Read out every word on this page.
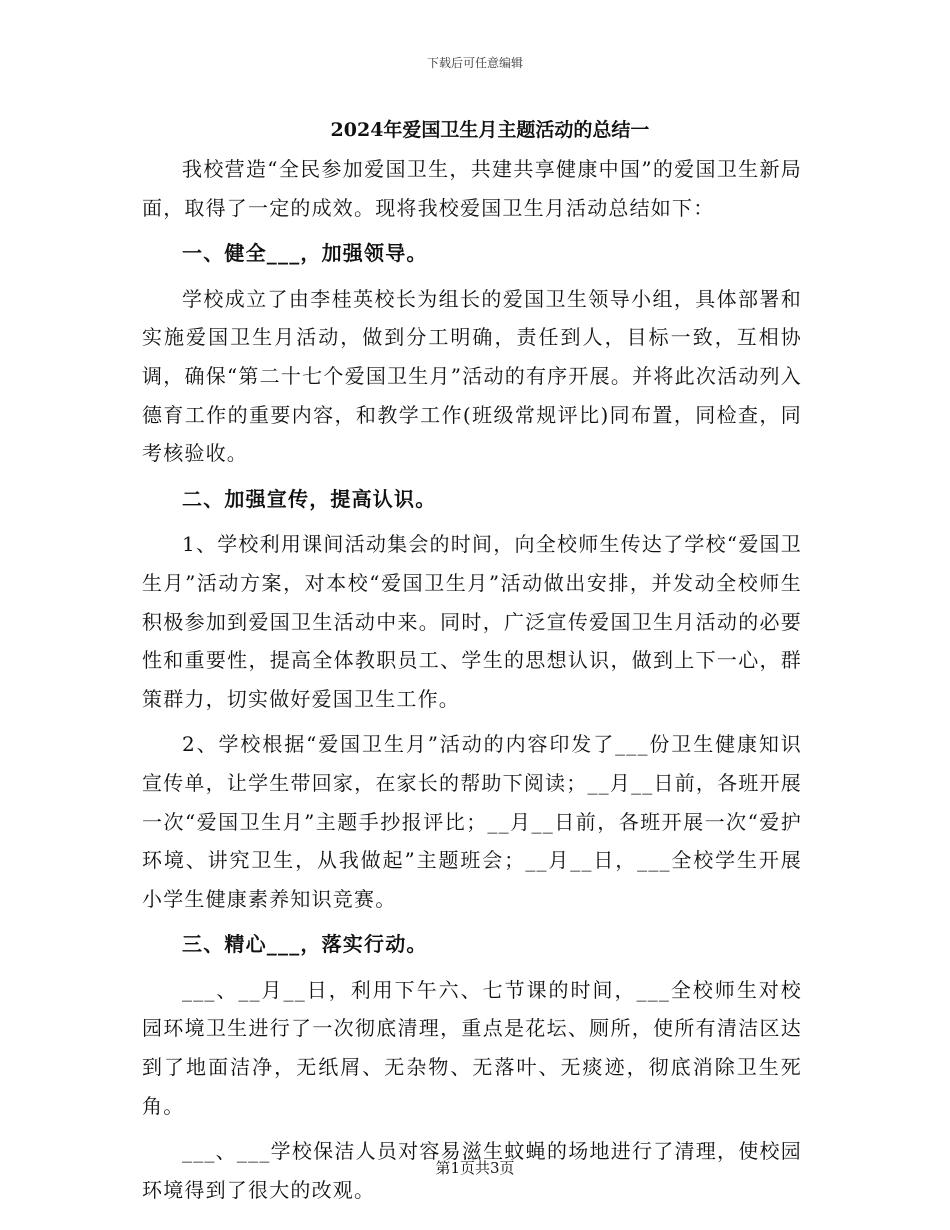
下载后可任意编辑
2024年爱国卫生月主题活动的总结一

我校营造“全民参加爱国卫生，共建共享健康中国”的爱国卫生新局面，取得了一定的成效。现将我校爱国卫生月活动总结如下：

一、健全___，加强领导。

学校成立了由李桂英校长为组长的爱国卫生领导小组，具体部署和实施爱国卫生月活动，做到分工明确，责任到人，目标一致，互相协调，确保“第二十七个爱国卫生月”活动的有序开展。并将此次活动列入德育工作的重要内容，和教学工作(班级常规评比)同布置，同检查，同考核验收。

二、加强宣传，提高认识。

1、学校利用课间活动集会的时间，向全校师生传达了学校“爱国卫生月”活动方案，对本校“爱国卫生月”活动做出安排，并发动全校师生积极参加到爱国卫生活动中来。同时，广泛宣传爱国卫生月活动的必要性和重要性，提高全体教职员工、学生的思想认识，做到上下一心，群策群力，切实做好爱国卫生工作。

2、学校根据“爱国卫生月”活动的内容印发了___份卫生健康知识宣传单，让学生带回家，在家长的帮助下阅读；__月__日前，各班开展一次“爱国卫生月”主题手抄报评比；__月__日前，各班开展一次“爱护环境、讲究卫生，从我做起”主题班会；__月__日，___全校学生开展小学生健康素养知识竞赛。

三、精心___，落实行动。

___、__月__日，利用下午六、七节课的时间，___全校师生对校园环境卫生进行了一次彻底清理，重点是花坛、厕所，使所有清洁区达到了地面洁净，无纸屑、无杂物、无落叶、无痰迹，彻底消除卫生死角。

___、___学校保洁人员对容易滋生蚊蝇的场地进行了清理，使校园环境得到了很大的改观。

第1页共3页
